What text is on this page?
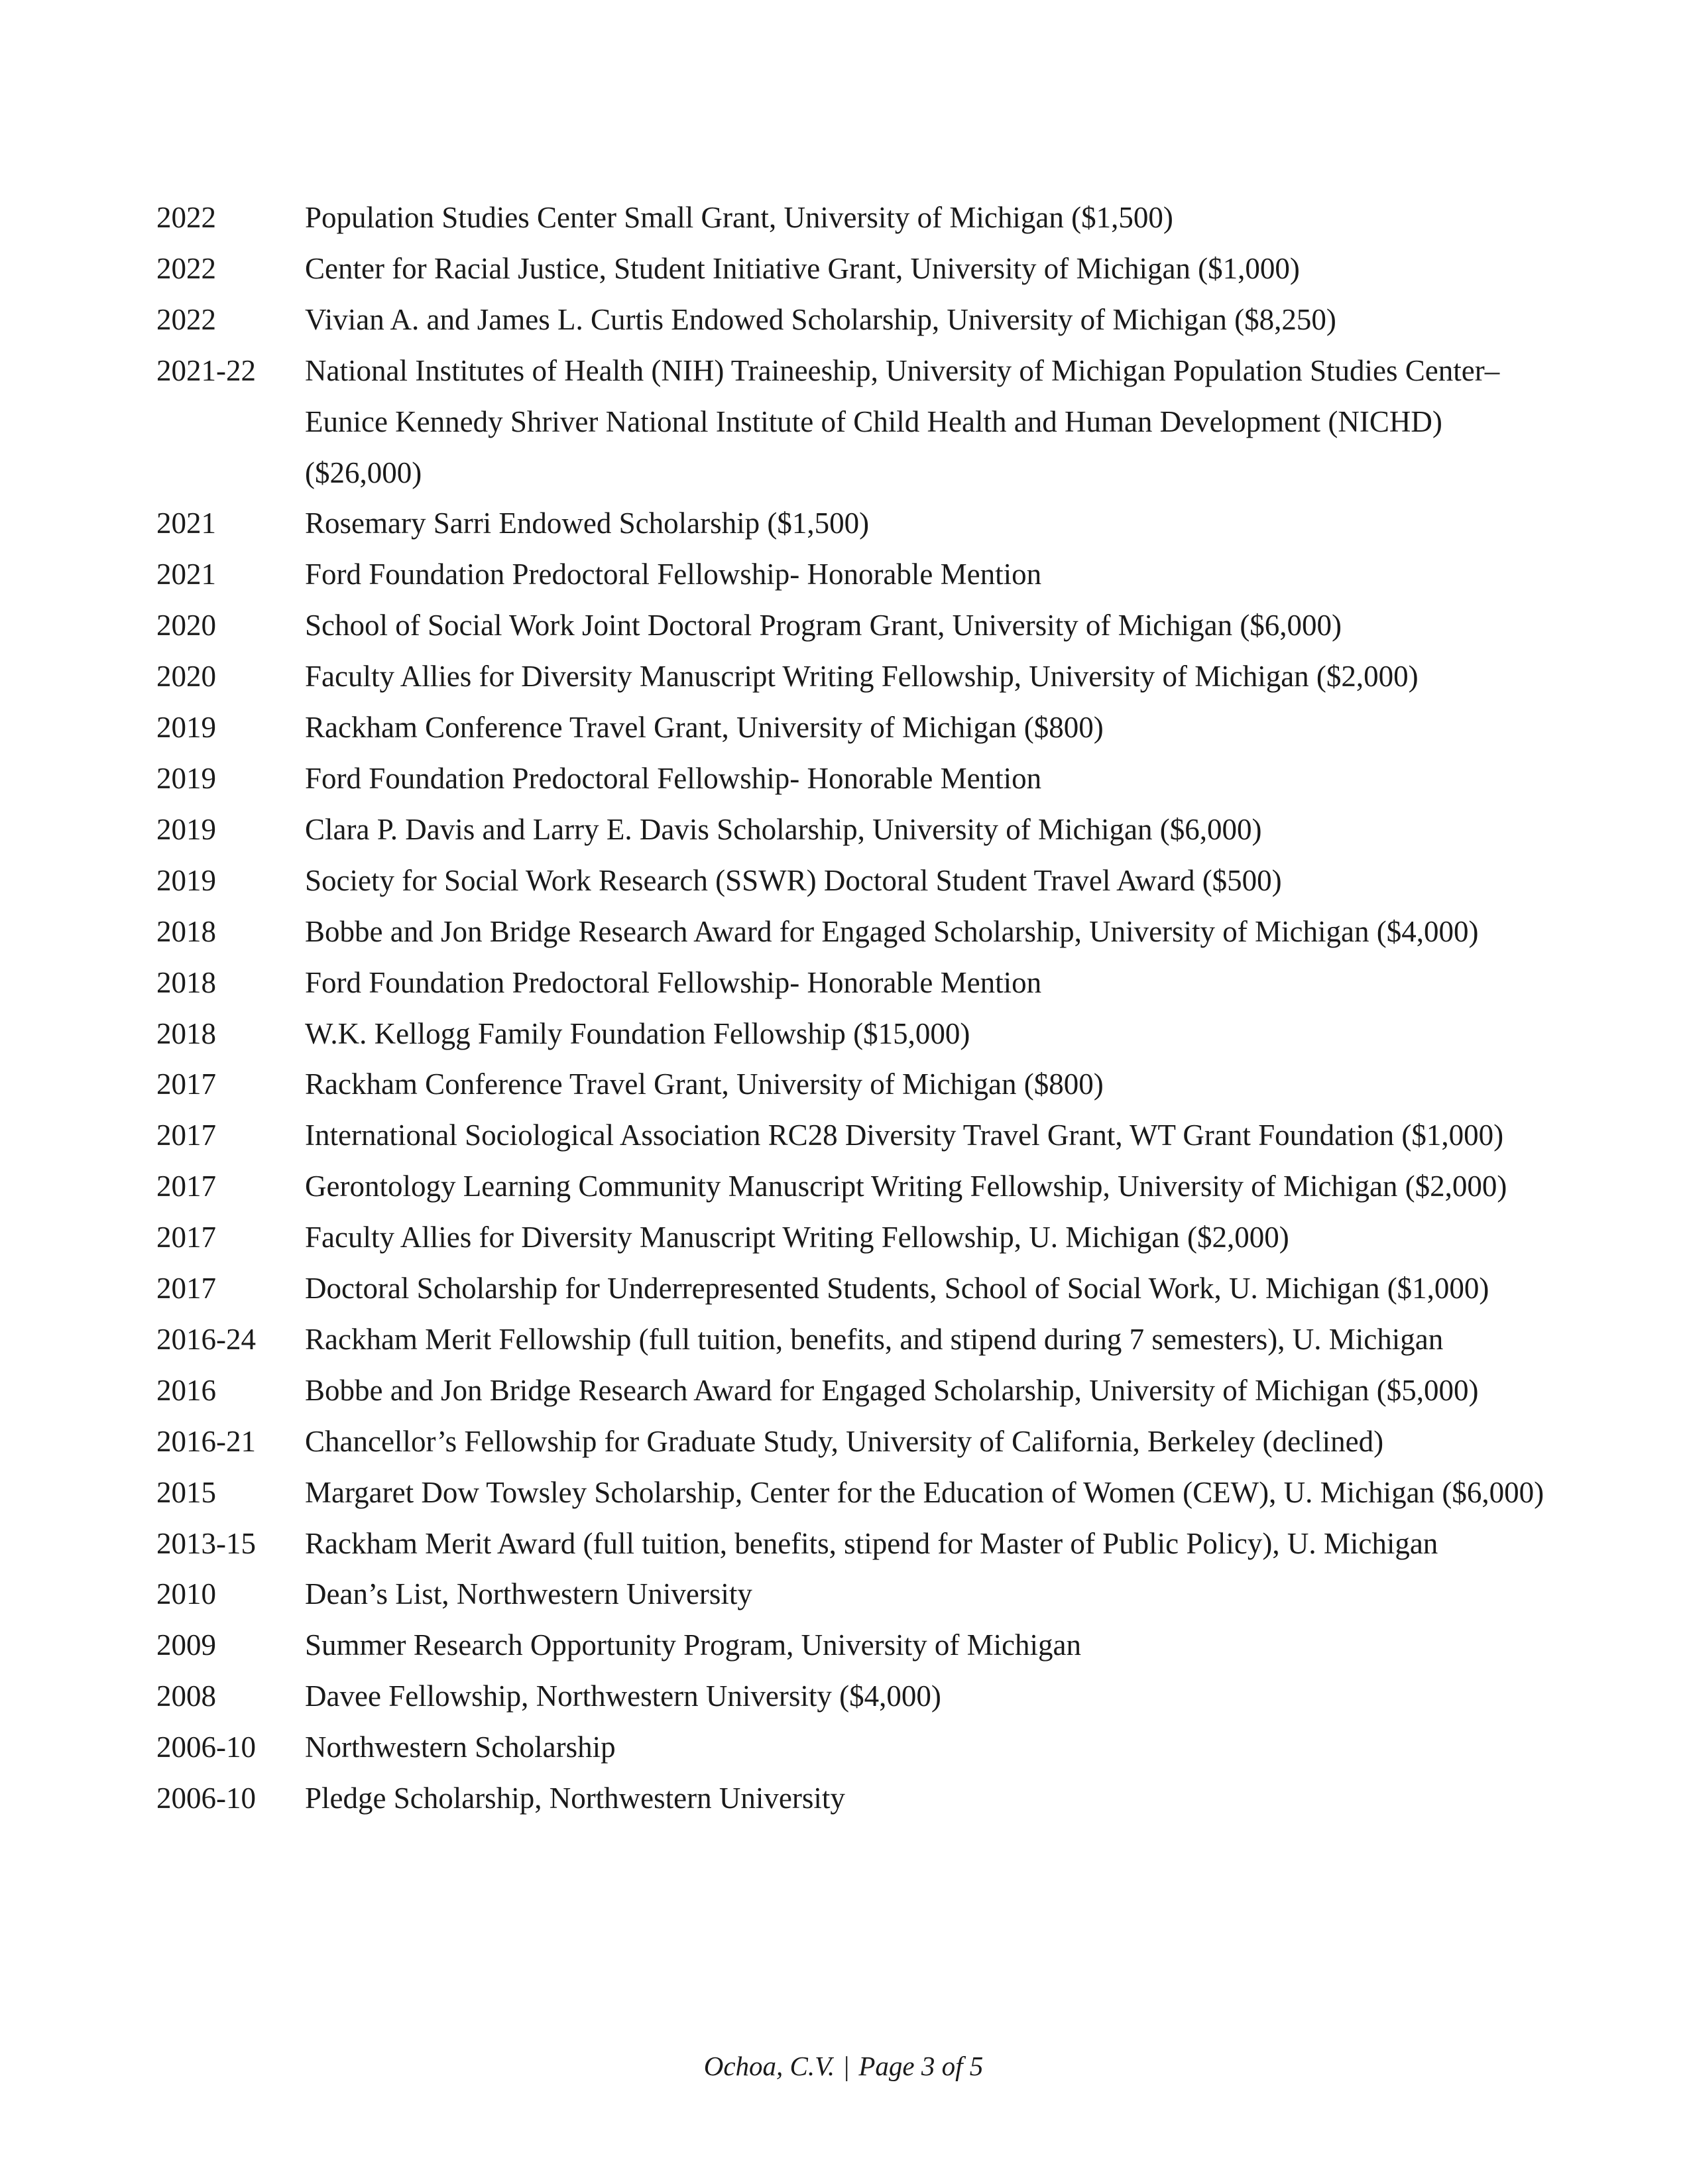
2022	Population Studies Center Small Grant, University of Michigan ($1,500)
2022	Center for Racial Justice, Student Initiative Grant, University of Michigan ($1,000)
2022	Vivian A. and James L. Curtis Endowed Scholarship, University of Michigan ($8,250)
2021-22	National Institutes of Health (NIH) Traineeship, University of Michigan Population Studies Center– Eunice Kennedy Shriver National Institute of Child Health and Human Development (NICHD) ($26,000)
2021	Rosemary Sarri Endowed Scholarship ($1,500)
2021	Ford Foundation Predoctoral Fellowship- Honorable Mention
2020	School of Social Work Joint Doctoral Program Grant, University of Michigan ($6,000)
2020	Faculty Allies for Diversity Manuscript Writing Fellowship, University of Michigan ($2,000)
2019	Rackham Conference Travel Grant, University of Michigan ($800)
2019	Ford Foundation Predoctoral Fellowship- Honorable Mention
2019	Clara P. Davis and Larry E. Davis Scholarship, University of Michigan ($6,000)
2019	Society for Social Work Research (SSWR) Doctoral Student Travel Award ($500)
2018	Bobbe and Jon Bridge Research Award for Engaged Scholarship, University of Michigan ($4,000)
2018	Ford Foundation Predoctoral Fellowship- Honorable Mention
2018	W.K. Kellogg Family Foundation Fellowship ($15,000)
2017	Rackham Conference Travel Grant, University of Michigan ($800)
2017	International Sociological Association RC28 Diversity Travel Grant, WT Grant Foundation ($1,000)
2017	Gerontology Learning Community Manuscript Writing Fellowship, University of Michigan ($2,000)
2017	Faculty Allies for Diversity Manuscript Writing Fellowship, U. Michigan ($2,000)
2017	Doctoral Scholarship for Underrepresented Students, School of Social Work, U. Michigan ($1,000)
2016-24	Rackham Merit Fellowship (full tuition, benefits, and stipend during 7 semesters), U. Michigan
2016	Bobbe and Jon Bridge Research Award for Engaged Scholarship, University of Michigan ($5,000)
2016-21	Chancellor’s Fellowship for Graduate Study, University of California, Berkeley (declined)
2015	Margaret Dow Towsley Scholarship, Center for the Education of Women (CEW), U. Michigan ($6,000)
2013-15	Rackham Merit Award (full tuition, benefits, stipend for Master of Public Policy), U. Michigan
2010	Dean’s List, Northwestern University
2009	Summer Research Opportunity Program, University of Michigan
2008	Davee Fellowship, Northwestern University ($4,000)
2006-10	Northwestern Scholarship
2006-10	Pledge Scholarship, Northwestern University
Ochoa, C.V. | Page 3 of 5
